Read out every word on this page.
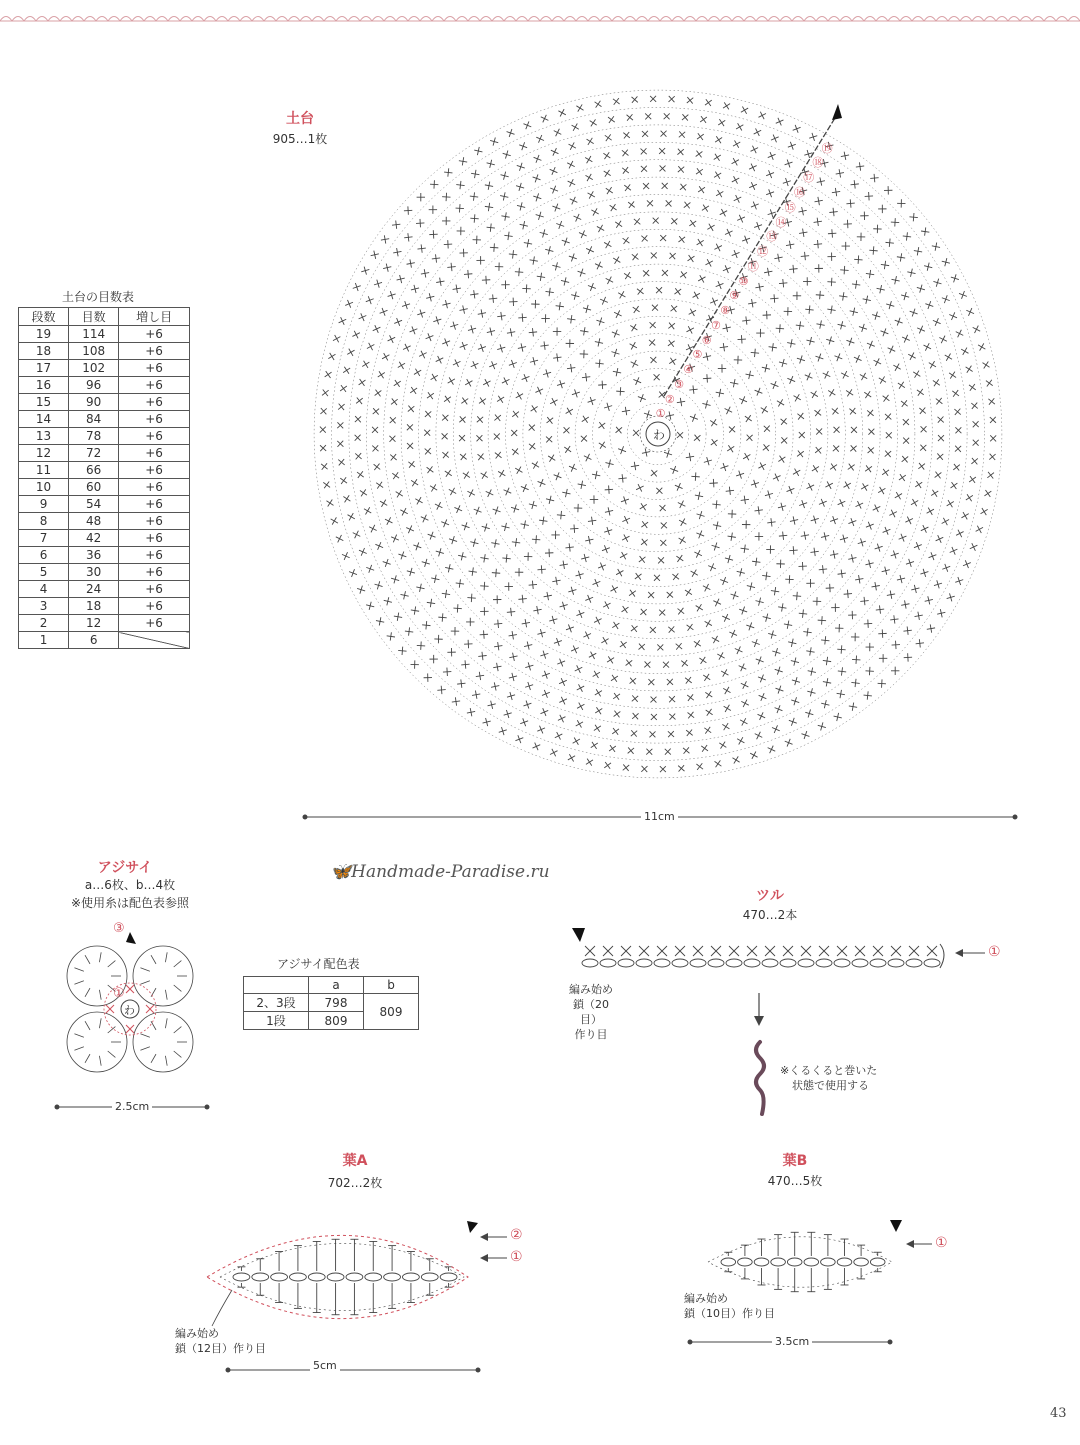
土台
905…1枚
わ
①
②
③
④
⑤
⑥
⑦
⑧
⑨
⑩
⑪
⑫
⑬
⑭
⑮
⑯
⑰
⑱
⑲
11cm
土台の目数表
段数	目数	増し目
19	114	+6
18	108	+6
17	102	+6
16	96	+6
15	90	+6
14	84	+6
13	78	+6
12	72	+6
11	66	+6
10	60	+6
9	54	+6
8	48	+6
7	42	+6
6	36	+6
5	30	+6
4	24	+6
3	18	+6
2	12	+6
1	6	
🦋Handmade-Paradise.ru
アジサイ
a…6枚、b…4枚
※使用糸は配色表参照
③
①
わ
2.5cm
アジサイ配色表
	a	b
2、3段	798	809
1段	809	
ツル
470…2本
①
編み始め
鎖（20目）
作り目
※くるくると巻いた
状態で使用する
葉A
702…2枚
②
①
編み始め
鎖（12目）作り目
5cm
葉B
470…5枚
①
編み始め
鎖（10目）作り目
3.5cm
43
